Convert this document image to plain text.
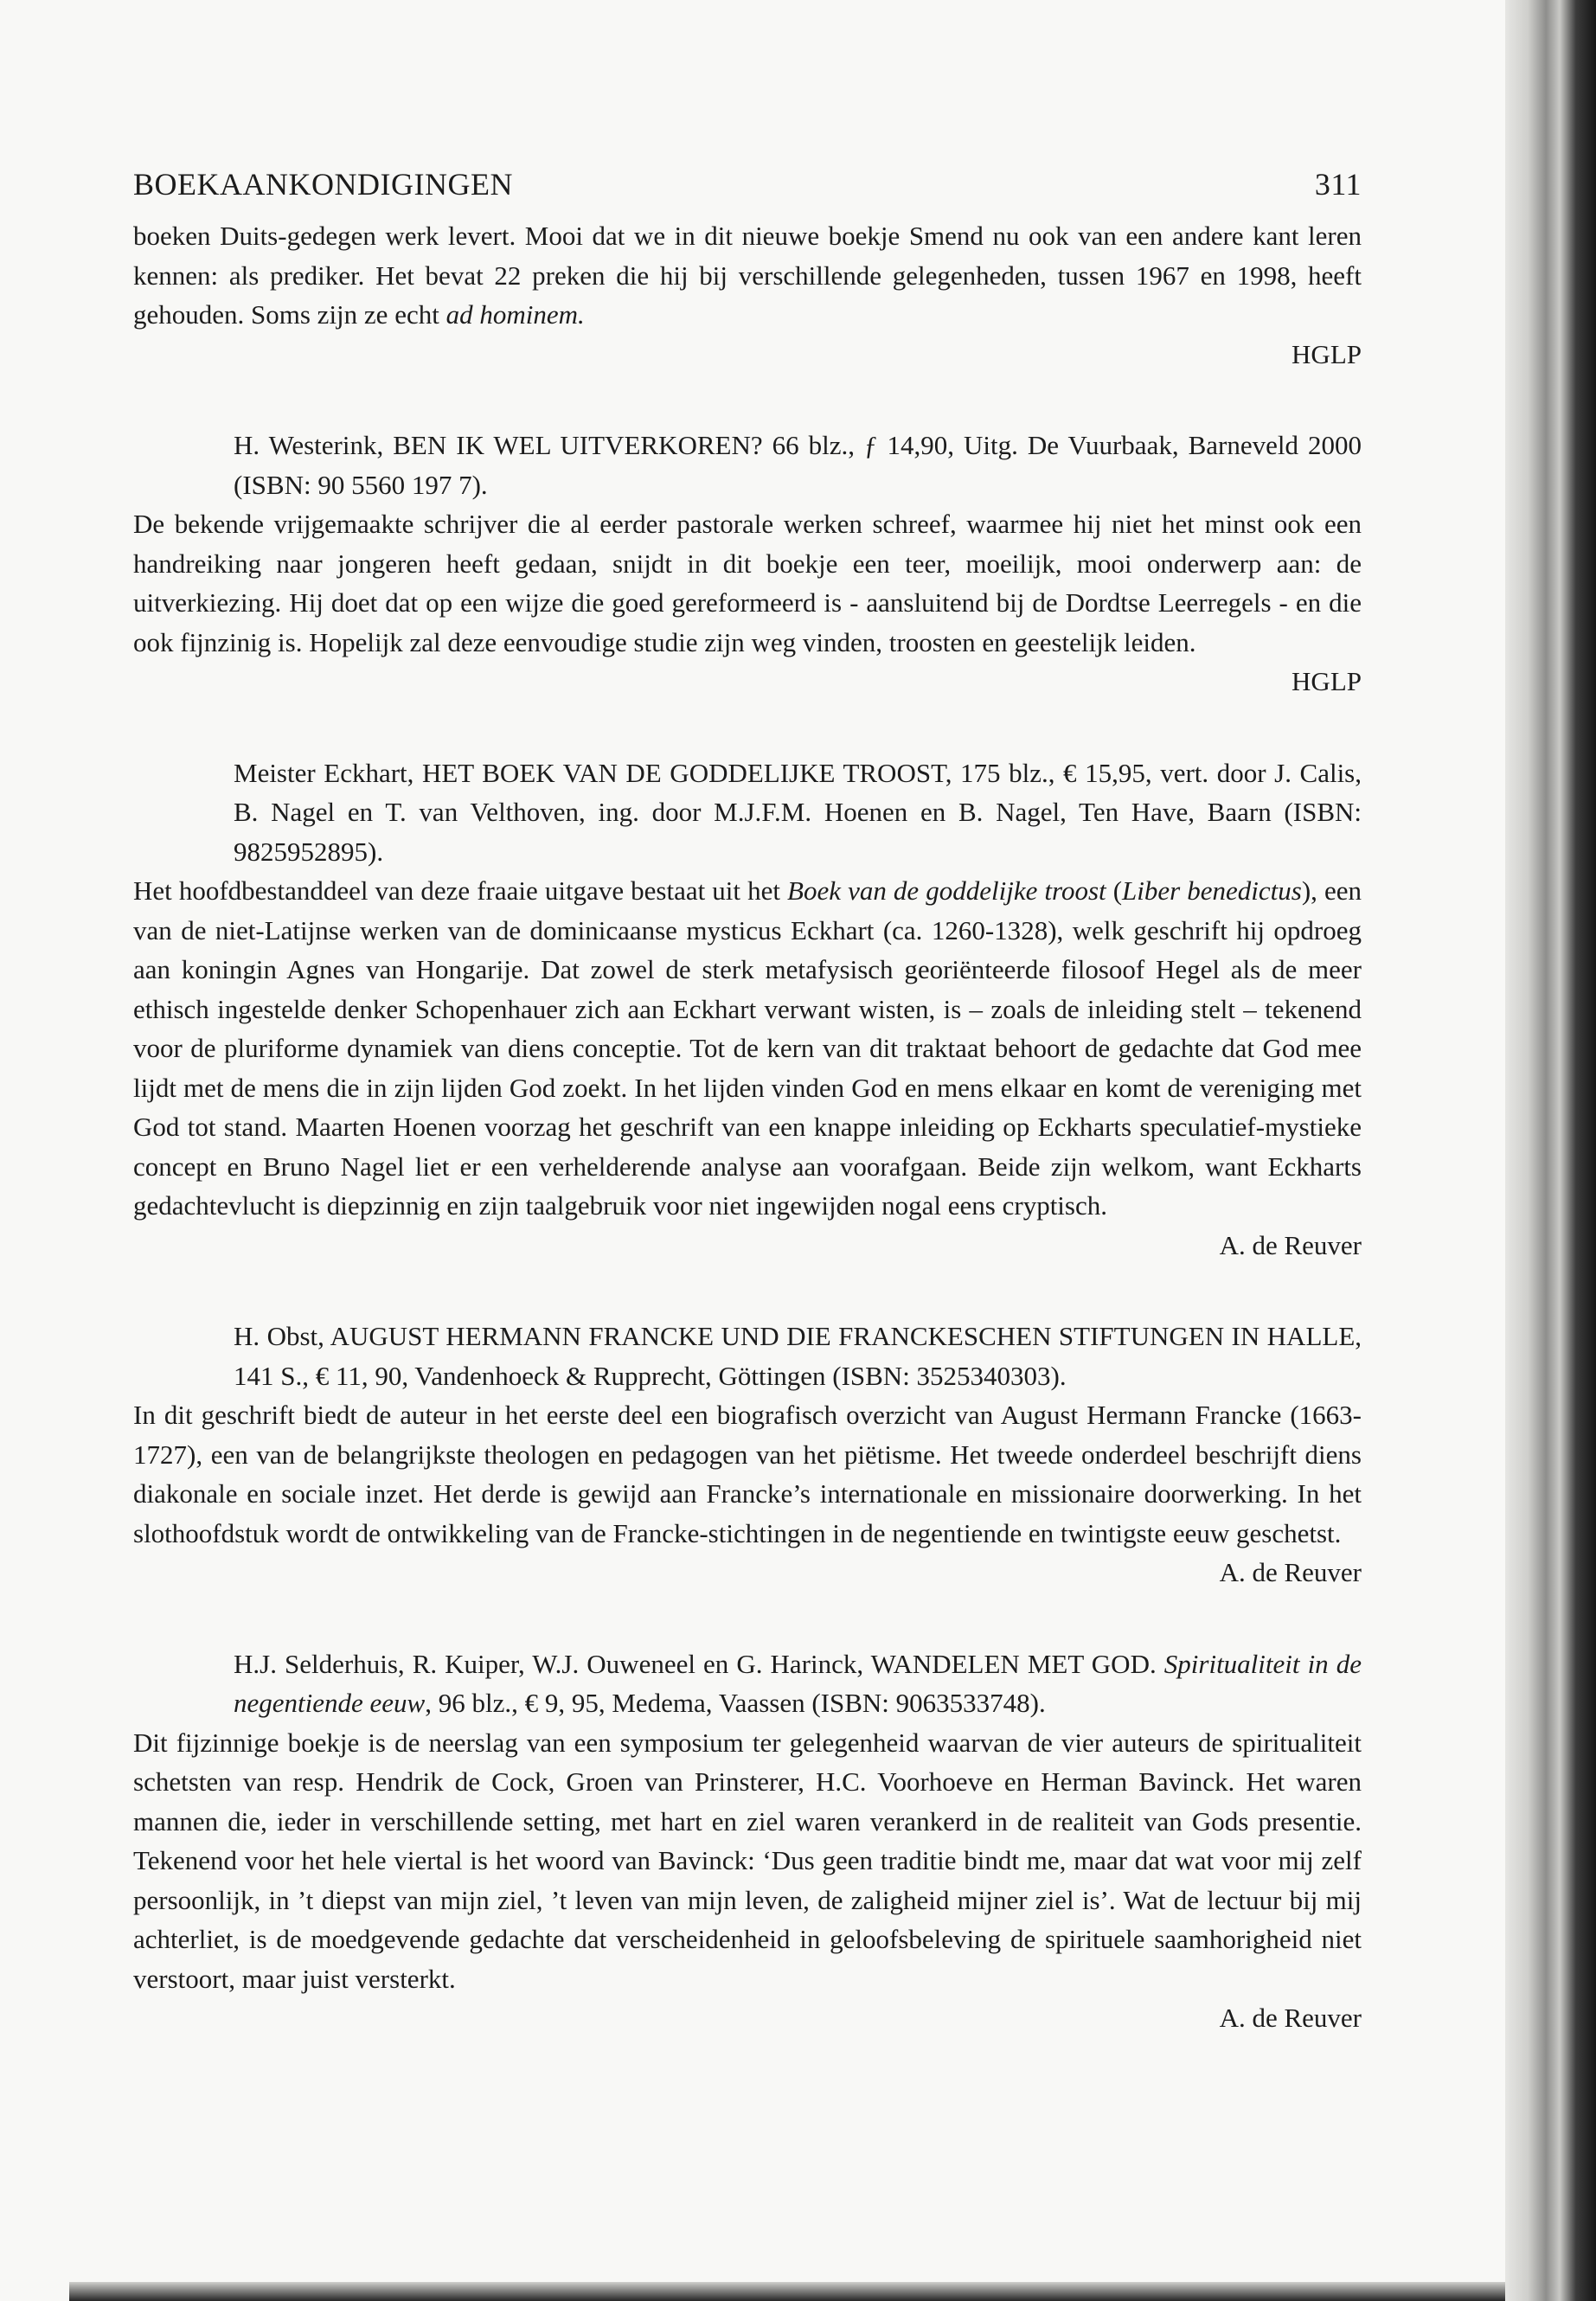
BOEKAANKONDIGINGEN	311

boeken Duits-gedegen werk levert. Mooi dat we in dit nieuwe boekje Smend nu ook van een andere kant leren kennen: als prediker. Het bevat 22 preken die hij bij verschillende gelegenheden, tussen 1967 en 1998, heeft gehouden. Soms zijn ze echt ad hominem.

HGLP

H. Westerink, BEN IK WEL UITVERKOREN? 66 blz., ƒ 14,90, Uitg. De Vuurbaak, Barneveld 2000 (ISBN: 90 5560 197 7).

De bekende vrijgemaakte schrijver die al eerder pastorale werken schreef, waarmee hij niet het minst ook een handreiking naar jongeren heeft gedaan, snijdt in dit boekje een teer, moeilijk, mooi onderwerp aan: de uitverkiezing. Hij doet dat op een wijze die goed gereformeerd is - aansluitend bij de Dordtse Leerregels - en die ook fijnzinig is. Hopelijk zal deze eenvoudige studie zijn weg vinden, troosten en geestelijk leiden.

HGLP

Meister Eckhart, HET BOEK VAN DE GODDELIJKE TROOST, 175 blz., € 15,95, vert. door J. Calis, B. Nagel en T. van Velthoven, ing. door M.J.F.M. Hoenen en B. Nagel, Ten Have, Baarn (ISBN: 9825952895).

Het hoofdbestanddeel van deze fraaie uitgave bestaat uit het Boek van de goddelijke troost (Liber benedictus), een van de niet-Latijnse werken van de dominicaanse mysticus Eckhart (ca. 1260-1328), welk geschrift hij opdroeg aan koningin Agnes van Hongarije. Dat zowel de sterk metafysisch georiënteerde filosoof Hegel als de meer ethisch ingestelde denker Schopenhauer zich aan Eckhart verwant wisten, is – zoals de inleiding stelt – tekenend voor de pluriforme dynamiek van diens conceptie. Tot de kern van dit traktaat behoort de gedachte dat God mee lijdt met de mens die in zijn lijden God zoekt. In het lijden vinden God en mens elkaar en komt de vereniging met God tot stand. Maarten Hoenen voorzag het geschrift van een knappe inleiding op Eckharts speculatief-mystieke concept en Bruno Nagel liet er een verhelderende analyse aan voorafgaan. Beide zijn welkom, want Eckharts gedachtevlucht is diepzinnig en zijn taalgebruik voor niet ingewijden nogal eens cryptisch.

A. de Reuver

H. Obst, AUGUST HERMANN FRANCKE UND DIE FRANCKESCHEN STIFTUNGEN IN HALLE, 141 S., € 11, 90, Vandenhoeck & Rupprecht, Göttingen (ISBN: 3525340303).

In dit geschrift biedt de auteur in het eerste deel een biografisch overzicht van August Hermann Francke (1663-1727), een van de belangrijkste theologen en pedagogen van het piëtisme. Het tweede onderdeel beschrijft diens diakonale en sociale inzet. Het derde is gewijd aan Francke’s internationale en missionaire doorwerking. In het slothoofdstuk wordt de ontwikkeling van de Francke-stichtingen in de negentiende en twintigste eeuw geschetst.

A. de Reuver

H.J. Selderhuis, R. Kuiper, W.J. Ouweneel en G. Harinck, WANDELEN MET GOD. Spiritualiteit in de negentiende eeuw, 96 blz., € 9, 95, Medema, Vaassen (ISBN: 9063533748).

Dit fijzinnige boekje is de neerslag van een symposium ter gelegenheid waarvan de vier auteurs de spiritualiteit schetsten van resp. Hendrik de Cock, Groen van Prinsterer, H.C. Voorhoeve en Herman Bavinck. Het waren mannen die, ieder in verschillende setting, met hart en ziel waren verankerd in de realiteit van Gods presentie. Tekenend voor het hele viertal is het woord van Bavinck: ‘Dus geen traditie bindt me, maar dat wat voor mij zelf persoonlijk, in ’t diepst van mijn ziel, ’t leven van mijn leven, de zaligheid mijner ziel is’. Wat de lectuur bij mij achterliet, is de moedgevende gedachte dat verscheidenheid in geloofsbeleving de spirituele saamhorigheid niet verstoort, maar juist versterkt.

A. de Reuver
